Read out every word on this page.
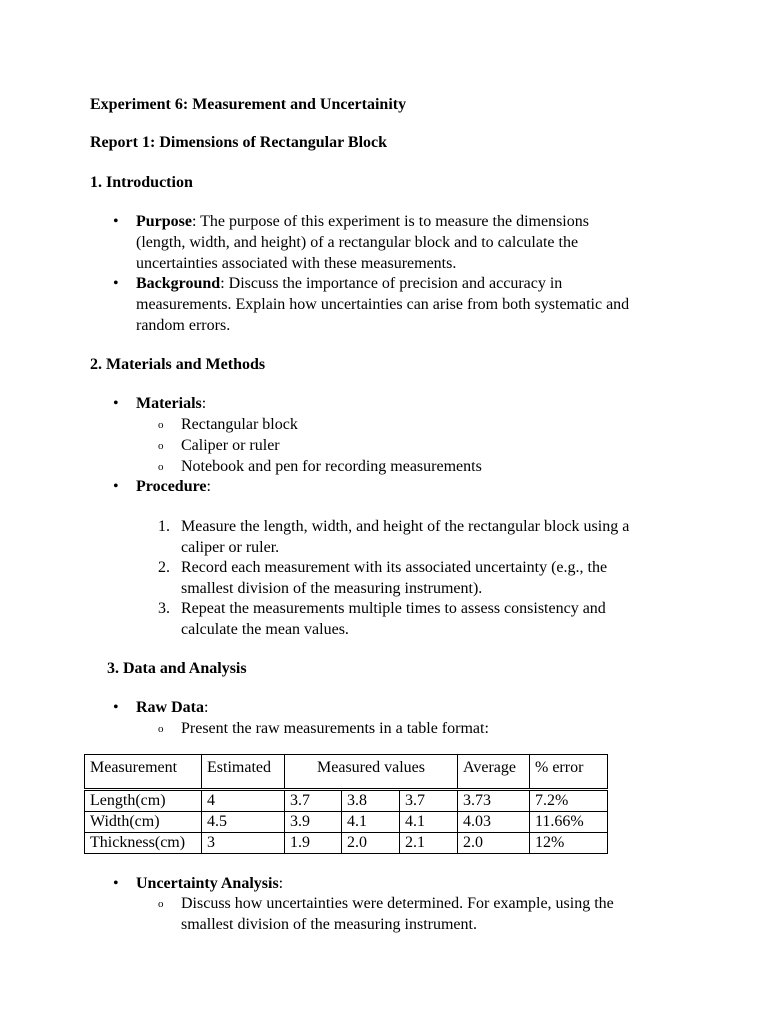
Experiment 6: Measurement and Uncertainity
Report 1: Dimensions of Rectangular Block
1. Introduction
•	Purpose: The purpose of this experiment is to measure the dimensions
(length, width, and height) of a rectangular block and to calculate the
uncertainties associated with these measurements.
•	Background: Discuss the importance of precision and accuracy in
measurements. Explain how uncertainties can arise from both systematic and
random errors.
2. Materials and Methods
•	Materials:
o Rectangular block
o Caliper or ruler
o Notebook and pen for recording measurements
•	Procedure:
1. Measure the length, width, and height of the rectangular block using a
caliper or ruler.
2. Record each measurement with its associated uncertainty (e.g., the
smallest division of the measuring instrument).
3. Repeat the measurements multiple times to assess consistency and
calculate the mean values.
3. Data and Analysis
•	Raw Data:
o Present the raw measurements in a table format:
Measurement	Estimated	Measured values			Average	% error
Length(cm)	4	3.7	3.8	3.7	3.73	7.2%
Width(cm)	4.5	3.9	4.1	4.1	4.03	11.66%
Thickness(cm)	3	1.9	2.0	2.1	2.0	12%
•	Uncertainty Analysis:
o Discuss how uncertainties were determined. For example, using the
smallest division of the measuring instrument.
